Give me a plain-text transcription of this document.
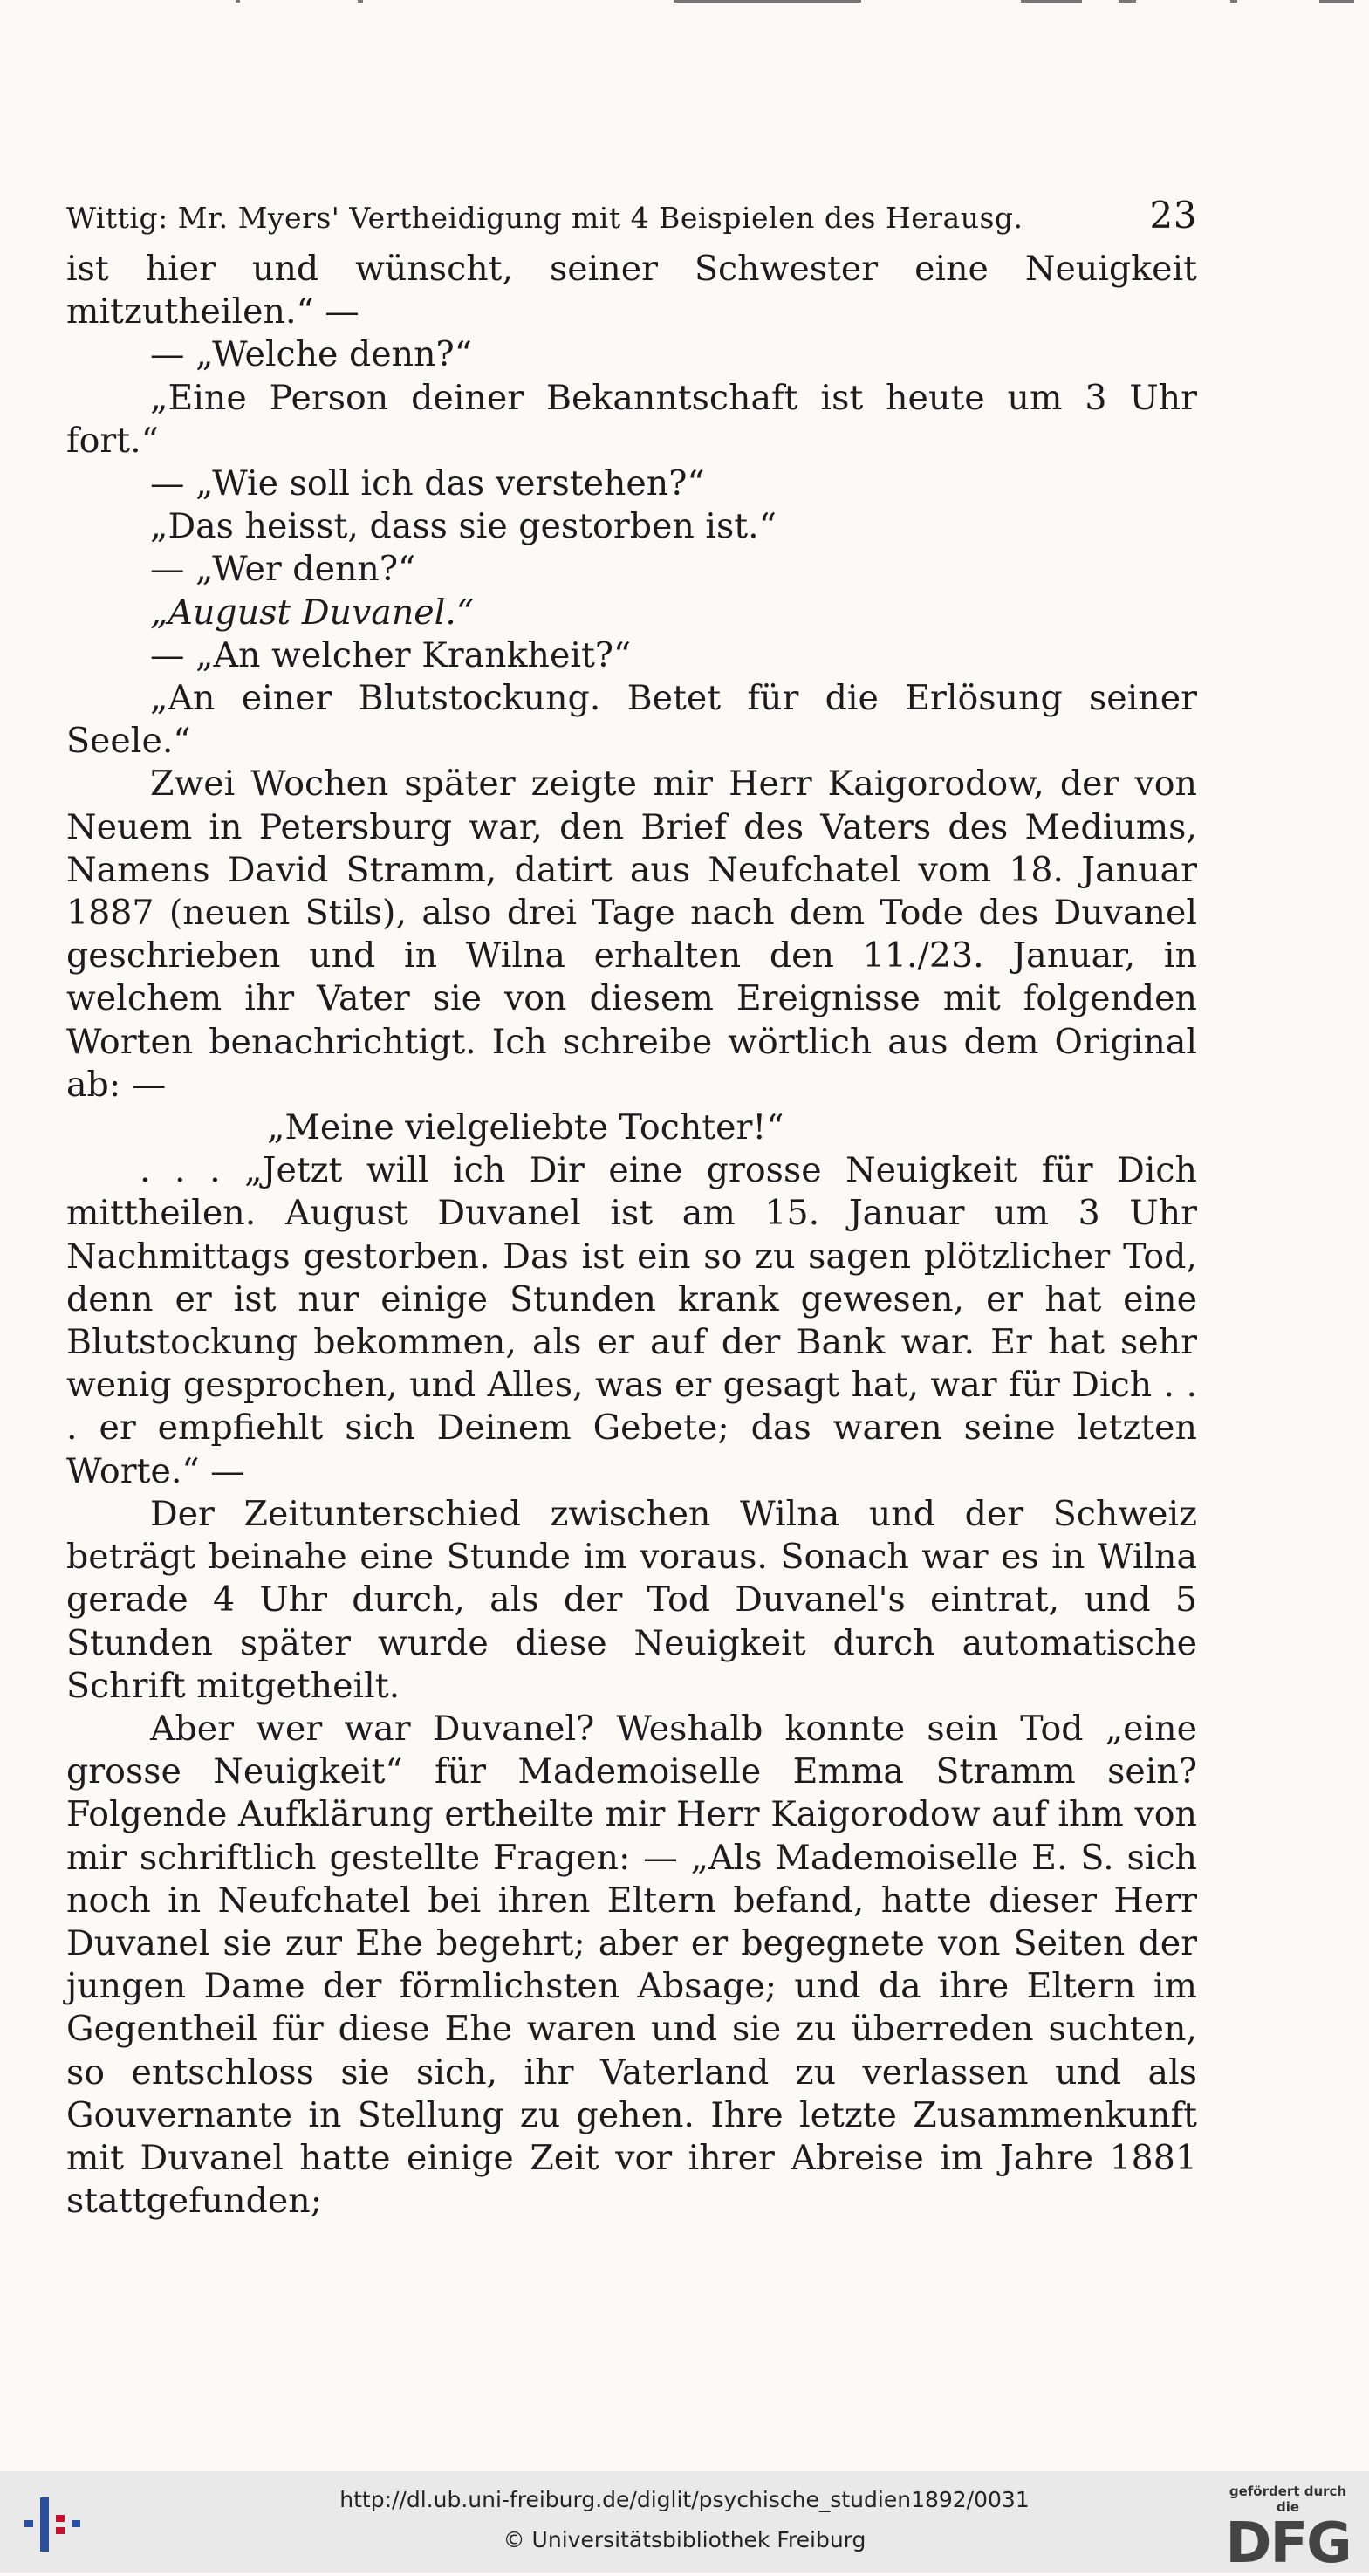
Wittig: Mr. Myers' Vertheidigung mit 4 Beispielen des Herausg.	23

ist hier und wünscht, seiner Schwester eine Neuigkeit mitzutheilen.“ —

— „Welche denn?“

„Eine Person deiner Bekanntschaft ist heute um 3 Uhr fort.“

— „Wie soll ich das verstehen?“

„Das heisst, dass sie gestorben ist.“

— „Wer denn?“

„August Duvanel.“

— „An welcher Krankheit?“

„An einer Blutstockung. Betet für die Erlösung seiner Seele.“

Zwei Wochen später zeigte mir Herr Kaigorodow, der von Neuem in Petersburg war, den Brief des Vaters des Mediums, Namens David Stramm, datirt aus Neufchatel vom 18. Januar 1887 (neuen Stils), also drei Tage nach dem Tode des Duvanel geschrieben und in Wilna erhalten den 11./23. Januar, in welchem ihr Vater sie von diesem Ereignisse mit folgenden Worten benachrichtigt. Ich schreibe wörtlich aus dem Original ab: —

„Meine vielgeliebte Tochter!“

. . . „Jetzt will ich Dir eine grosse Neuigkeit für Dich mittheilen. August Duvanel ist am 15. Januar um 3 Uhr Nachmittags gestorben. Das ist ein so zu sagen plötzlicher Tod, denn er ist nur einige Stunden krank gewesen, er hat eine Blutstockung bekommen, als er auf der Bank war. Er hat sehr wenig gesprochen, und Alles, was er gesagt hat, war für Dich . . . er empfiehlt sich Deinem Gebete; das waren seine letzten Worte.“ —

Der Zeitunterschied zwischen Wilna und der Schweiz beträgt beinahe eine Stunde im voraus. Sonach war es in Wilna gerade 4 Uhr durch, als der Tod Duvanel's eintrat, und 5 Stunden später wurde diese Neuigkeit durch automatische Schrift mitgetheilt.

Aber wer war Duvanel? Weshalb konnte sein Tod „eine grosse Neuigkeit“ für Mademoiselle Emma Stramm sein? Folgende Aufklärung ertheilte mir Herr Kaigorodow auf ihm von mir schriftlich gestellte Fragen: — „Als Mademoiselle E. S. sich noch in Neufchatel bei ihren Eltern befand, hatte dieser Herr Duvanel sie zur Ehe begehrt; aber er begegnete von Seiten der jungen Dame der förmlichsten Absage; und da ihre Eltern im Gegentheil für diese Ehe waren und sie zu überreden suchten, so entschloss sie sich, ihr Vaterland zu verlassen und als Gouvernante in Stellung zu gehen. Ihre letzte Zusammenkunft mit Duvanel hatte einige Zeit vor ihrer Abreise im Jahre 1881 stattgefunden;

http://dl.ub.uni-freiburg.de/diglit/psychische_studien1892/0031
© Universitätsbibliothek Freiburg
gefördert durch die
DFG
